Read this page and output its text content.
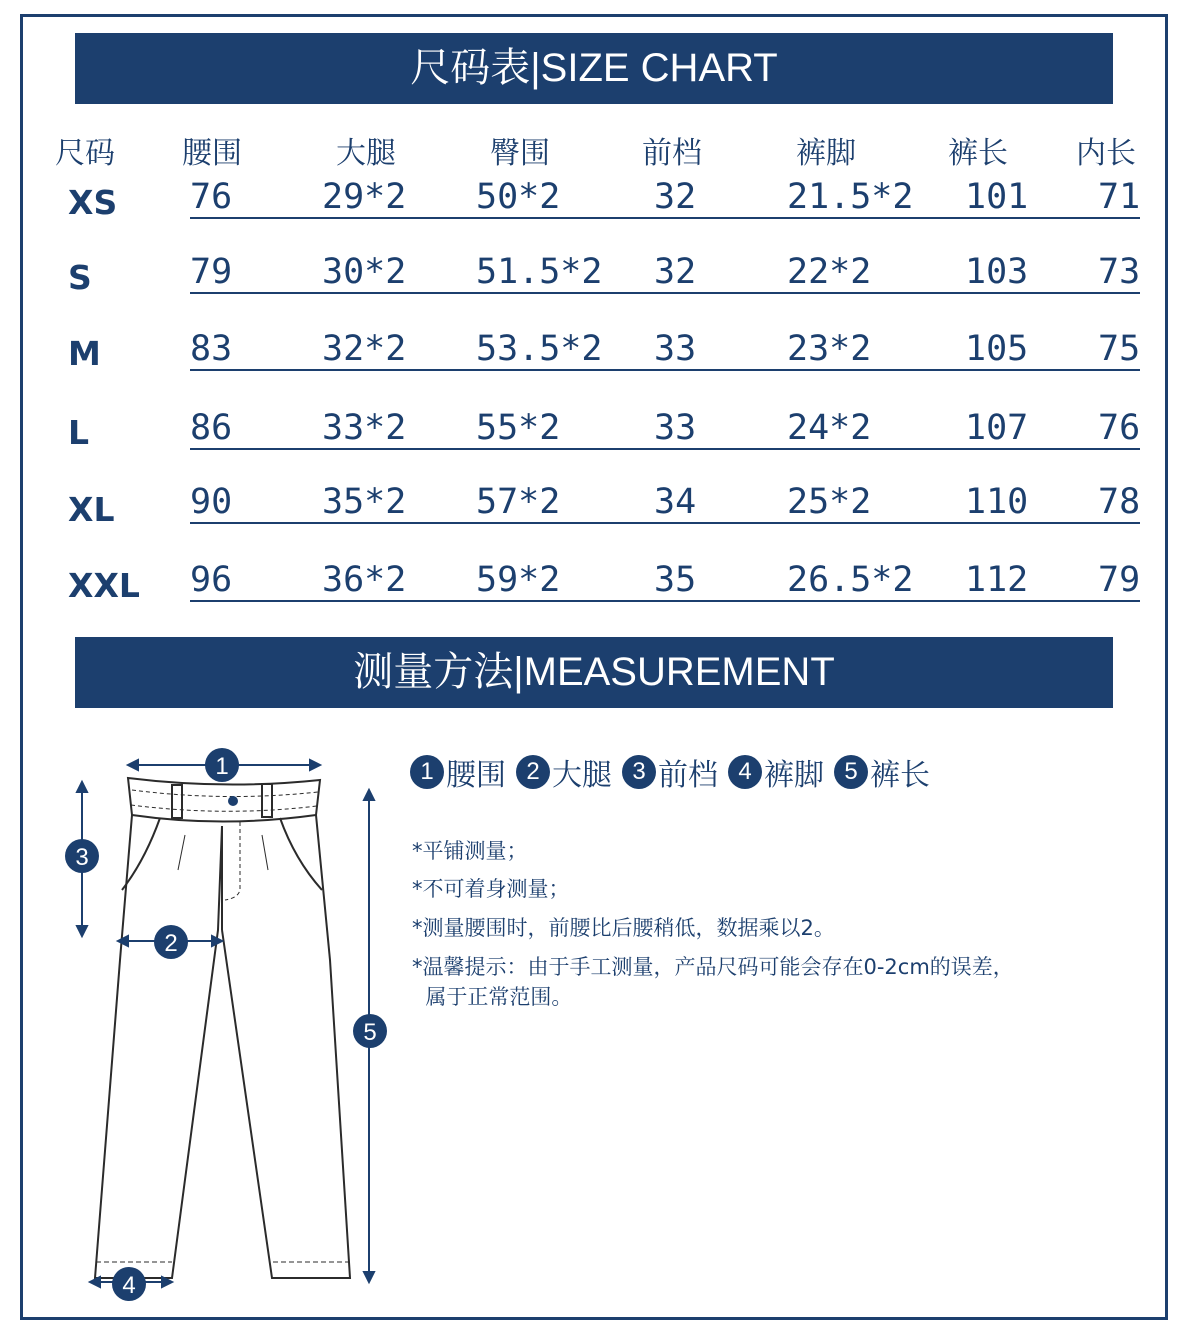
尺码表|SIZE CHART
尺码 腰围	大腿	臀围	前档	裤脚	裤长 内长
XS 76	29*2 50*2	32	21.5*2 101 71
S	79	30*2 51.5*2 32	22*2	103 73
M	83	32*2 53.5*2 33	23*2	105 75
L	86	33*2 55*2	33	24*2	107 76
XL 90	35*2 57*2	34	25*2	110 78
XXL 96	36*2 59*2	35	26.5*2 112 79
测量方法|MEASUREMENT
1
2
3
4
5
1 腰围 2 大腿 3 前档 4 裤脚 5 裤长
*平铺测量；
*不可着身测量；
*测量腰围时，前腰比后腰稍低，数据乘以2。
*温馨提示：由于手工测量，产品尺码可能会存在0-2cm的误差，
属于正常范围。
